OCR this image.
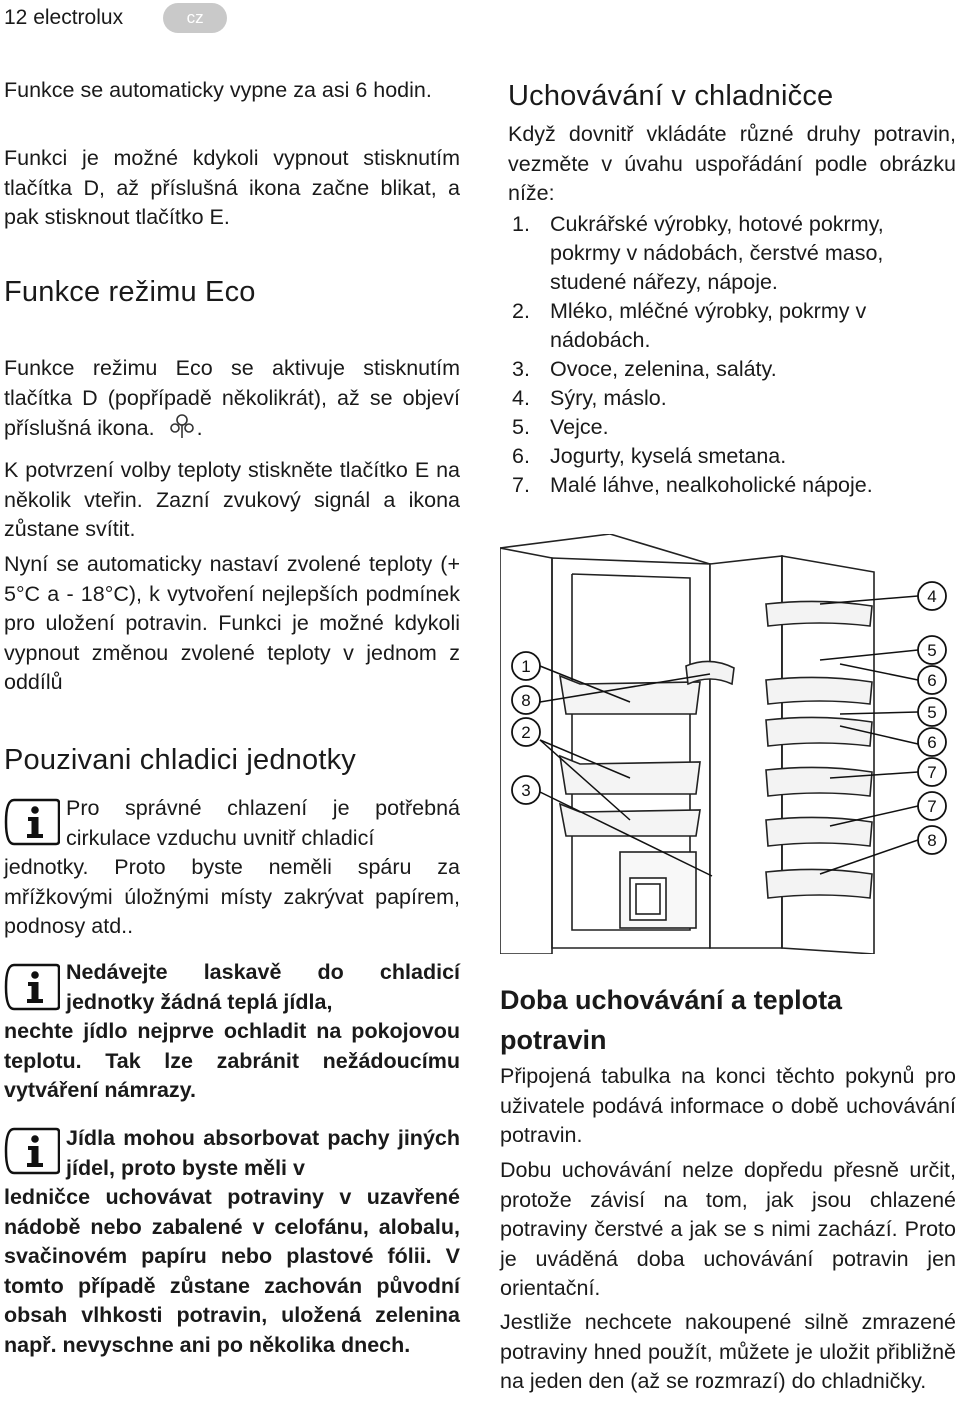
12 electrolux	cz

Funkce se automaticky vypne za asi 6 hodin.

Funkci je možné kdykoli vypnout stisknutím tlačítka D, až příslušná ikona začne blikat, a pak stisknout tlačítko E.

Funkce režimu Eco

Funkce režimu Eco se aktivuje stisknutím tlačítka D (popřípadě několikrát), až se objeví příslušná ikona. .

K potvrzení volby teploty stiskněte tlačítko E na několik vteřin. Zazní zvukový signál a ikona zůstane svítit.

Nyní se automaticky nastaví zvolené teploty (+ 5°C a - 18°C), k vytvoření nejlepších podmínek pro uložení potravin. Funkci je možné kdykoli vypnout změnou zvolené teploty v jednom z oddílů

Pouzivani chladici jednotky
Pro správné chlazení je potřebná cirkulace vzduchu uvnitř chladicí
jednotky. Proto byste neměli spáru za mřížkovými úložnými místy zakrývat papírem, podnosy atd..
Nedávejte laskavě do chladicí jednotky žádná teplá jídla,
nechte jídlo nejprve ochladit na pokojovou teplotu. Tak lze zabránit nežádoucímu vytváření námrazy.
Jídla mohou absorbovat pachy jiných jídel, proto byste měli v
ledničce uchovávat potraviny v uzavřené nádobě nebo zabalené v celofánu, alobalu, svačinovém papíru nebo plastové fólii. V tomto případě zůstane zachován původní obsah vlhkosti potravin, uložená zelenina např. nevyschne ani po několika dnech.
Uchovávání v chladničce

Když dovnitř vkládáte různé druhy potravin, vezměte v úvahu uspořádání podle obrázku níže:

1. Cukrářské výrobky, hotové pokrmy, pokrmy v nádobách, čerstvé maso, studené nářezy, nápoje.
2. Mléko, mléčné výrobky, pokrmy v nádobách.
3. Ovoce, zelenina, saláty.
4. Sýry, máslo.
5. Vejce.
6. Jogurty, kyselá smetana.
7. Malé láhve, nealkoholické nápoje.
1
8
2
3
4
5
6
5
6
7
7
8
Doba uchovávání a teplota potravin

Připojená tabulka na konci těchto pokynů pro uživatele podává informace o době uchovávání potravin.

Dobu uchovávání nelze dopředu přesně určit, protože závisí na tom, jak jsou chlazené potraviny čerstvé a jak se s nimi zachází. Proto je uváděná doba uchovávání potravin jen orientační.

Jestliže nechcete nakoupené silně zmrazené potraviny hned použít, můžete je uložit přibližně na jeden den (až se rozmrazí) do chladničky.
